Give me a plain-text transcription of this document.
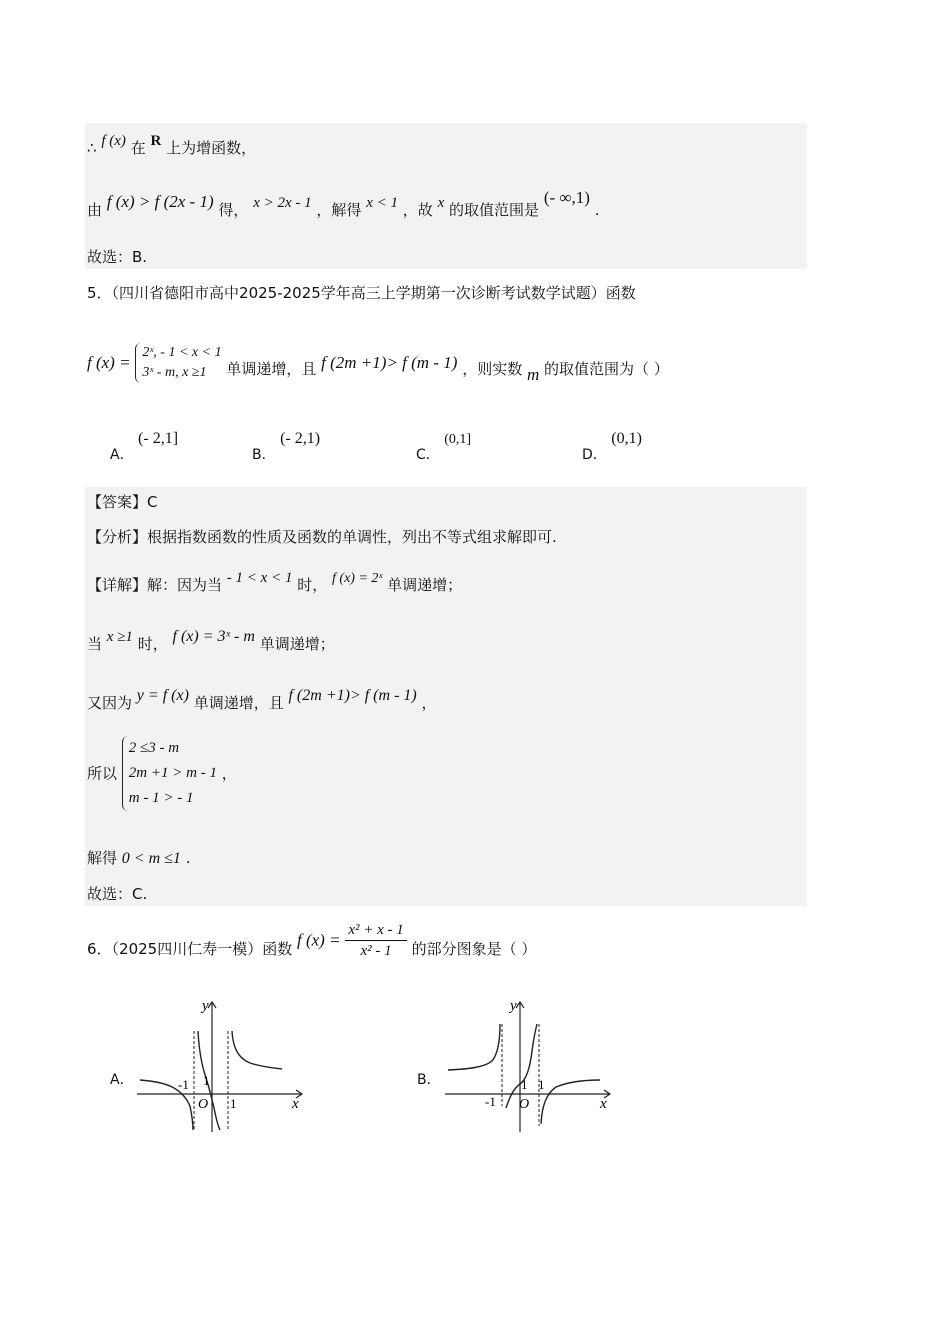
∴ f (x) 在 R 上为增函数，
由 f (x) > f (2x - 1) 得， x > 2x - 1 ，解得 x < 1 ，故 x 的取值范围是 (- ∞,1) .
故选：B.
5．（四川省德阳市高中2025-2025学年高三上学期第一次诊断考试数学试题）函数
f (x) =
2ˣ, - 1 < x < 1
3ˣ - m, x ≥1	单调递增，且 f (2m +1)> f (m - 1) ，则实数 m 的取值范围为（ ）
A． (- 2,1]
B． (- 2,1)
C． (0,1]
D． (0,1)
【答案】C
【分析】根据指数函数的性质及函数的单调性，列出不等式组求解即可.
【详解】解：因为当 - 1 < x < 1 时， f (x) = 2ˣ 单调递增；
当 x ≥1 时， f (x) = 3ˣ - m 单调递增；
又因为 y = f (x) 单调递增，且 f (2m +1)> f (m - 1) ，
所以
2 ≤3 - m
2m +1 > m - 1
m - 1 > - 1
，
解得 0 < m ≤1 .
故选：C.
6．（2025四川仁寿一模）函数 f $(x) = \frac{\text{x² + x - 1}}{\text{x² - 1}}$ 的部分图象是（ ）
A．
y
x
O
-1 1
1
B．
y
x
O
-1
1 1
